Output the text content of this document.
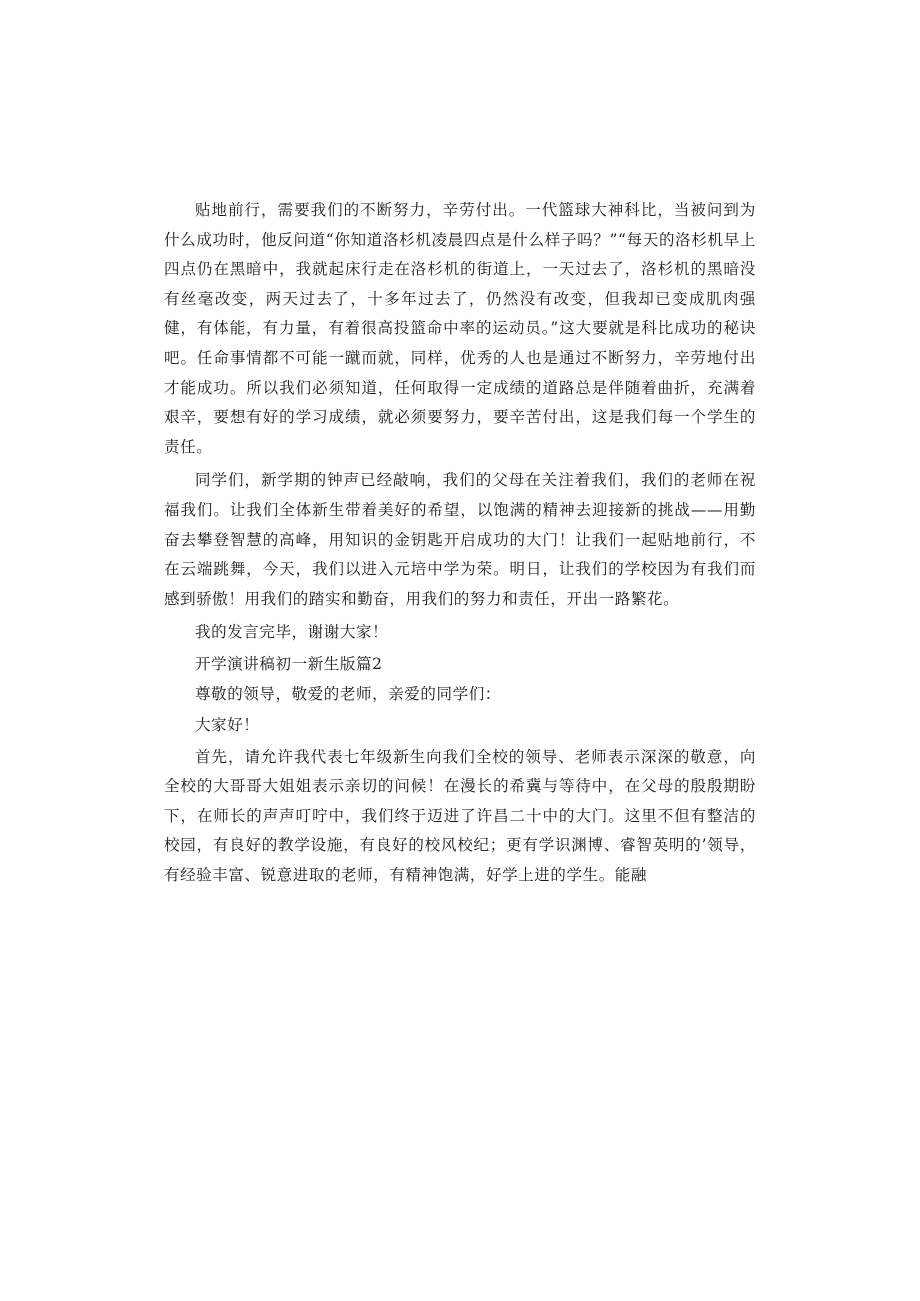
贴地前行，需要我们的不断努力，辛劳付出。一代篮球大神科比，当被问到为什么成功时，他反问道“你知道洛杉机凌晨四点是什么样子吗？”“每天的洛杉机早上四点仍在黑暗中，我就起床行走在洛杉机的街道上，一天过去了，洛杉机的黑暗没有丝毫改变，两天过去了，十多年过去了，仍然没有改变，但我却已变成肌肉强健，有体能，有力量，有着很高投篮命中率的运动员。”这大要就是科比成功的秘诀吧。任命事情都不可能一蹴而就，同样，优秀的人也是通过不断努力，辛劳地付出才能成功。所以我们必须知道，任何取得一定成绩的道路总是伴随着曲折，充满着艰辛，要想有好的学习成绩，就必须要努力，要辛苦付出，这是我们每一个学生的责任。

同学们，新学期的钟声已经敲响，我们的父母在关注着我们，我们的老师在祝福我们。让我们全体新生带着美好的希望，以饱满的精神去迎接新的挑战——用勤奋去攀登智慧的高峰，用知识的金钥匙开启成功的大门！让我们一起贴地前行，不在云端跳舞，今天，我们以进入元培中学为荣。明日，让我们的学校因为有我们而感到骄傲！用我们的踏实和勤奋，用我们的努力和责任，开出一路繁花。

我的发言完毕，谢谢大家！

开学演讲稿初一新生版篇2

尊敬的领导，敬爱的老师，亲爱的同学们：

大家好！

首先，请允许我代表七年级新生向我们全校的领导、老师表示深深的敬意，向全校的大哥哥大姐姐表示亲切的问候！在漫长的希冀与等待中，在父母的殷殷期盼下，在师长的声声叮咛中，我们终于迈进了许昌二十中的大门。这里不但有整洁的校园，有良好的教学设施，有良好的校风校纪；更有学识渊博、睿智英明的’领导，有经验丰富、锐意进取的老师，有精神饱满，好学上进的学生。能融
